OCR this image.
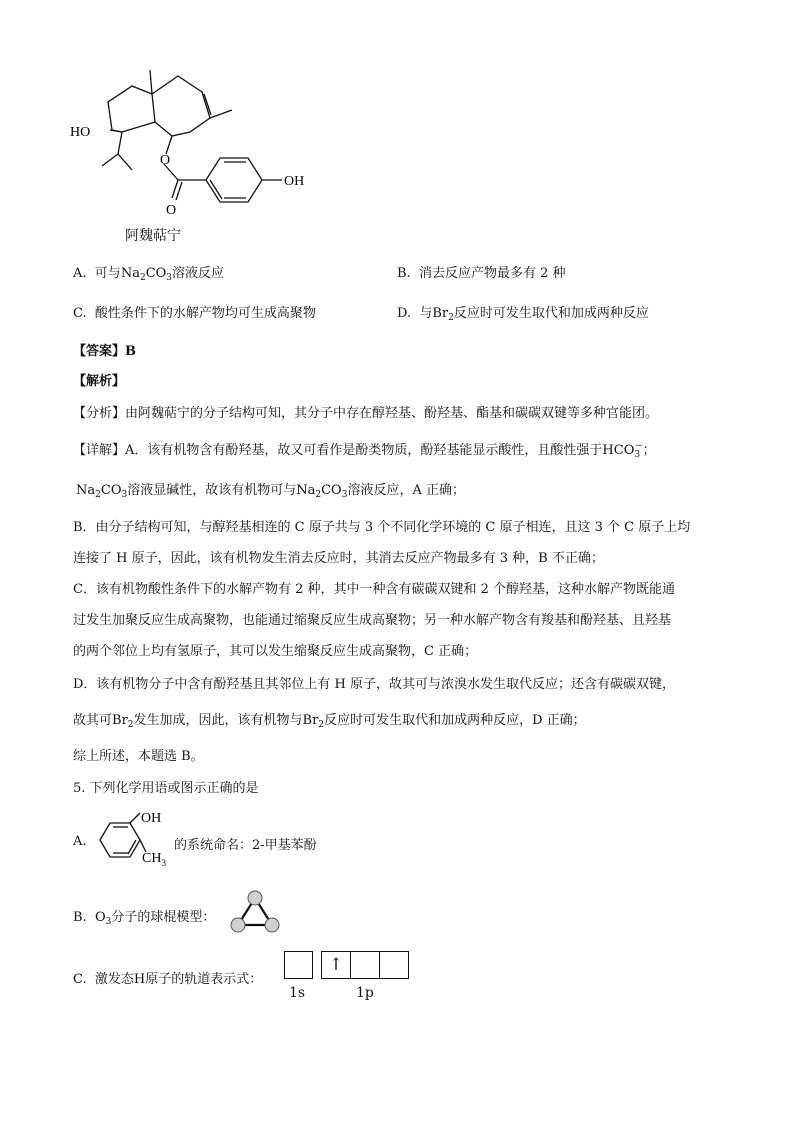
HO
O
O
OH
阿魏萜宁
A. 可与$Na_2CO_3$溶液反应	B. 消去反应产物最多有 2 种
C. 酸性条件下的水解产物均可生成高聚物	D. 与$Br_2$反应时可发生取代和加成两种反应
【答案】B
【解析】
【分析】由阿魏萜宁的分子结构可知，其分子中存在醇羟基、酚羟基、酯基和碳碳双键等多种官能团。
【详解】A．该有机物含有酚羟基，故又可看作是酚类物质，酚羟基能显示酸性，且酸性强于$HCO_3^-$；
$Na_2CO_3$溶液显碱性，故该有机物可与$Na_2CO_3$溶液反应，A 正确；
B．由分子结构可知，与醇羟基相连的 C 原子共与 3 个不同化学环境的 C 原子相连，且这 3 个 C 原子上均
连接了 H 原子，因此，该有机物发生消去反应时，其消去反应产物最多有 3 种，B 不正确；
C．该有机物酸性条件下的水解产物有 2 种，其中一种含有碳碳双键和 2 个醇羟基，这种水解产物既能通
过发生加聚反应生成高聚物，也能通过缩聚反应生成高聚物；另一种水解产物含有羧基和酚羟基、且羟基
的两个邻位上均有氢原子，其可以发生缩聚反应生成高聚物，C 正确；
D．该有机物分子中含有酚羟基且其邻位上有 H 原子，故其可与浓溴水发生取代反应；还含有碳碳双键，
故其可$Br_2$发生加成，因此，该有机物与$Br_2$反应时可发生取代和加成两种反应，D 正确；
综上所述，本题选 B。
5. 下列化学用语或图示正确的是
A.
OH
$CH_3$
的系统命名：2-甲基苯酚
B. $O_3$分子的球棍模型：
C. 激发态H原子的轨道表示式：
↑
1s	1p
